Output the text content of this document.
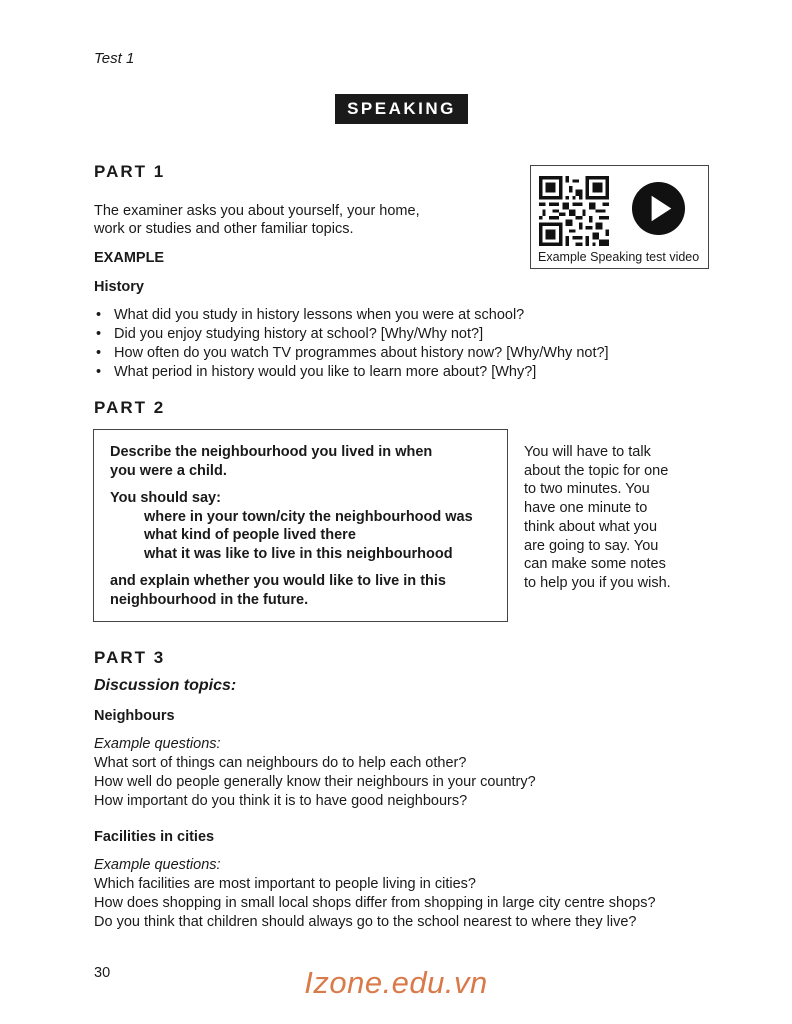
Test 1
SPEAKING
PART 1
The examiner asks you about yourself, your home,
work or studies and other familiar topics.
Example Speaking test video
EXAMPLE
History
• What did you study in history lessons when you were at school?
• Did you enjoy studying history at school? [Why/Why not?]
• How often do you watch TV programmes about history now? [Why/Why not?]
• What period in history would you like to learn more about? [Why?]
PART 2
Describe the neighbourhood you lived in when
you were a child.
You should say:
where in your town/city the neighbourhood was
what kind of people lived there
what it was like to live in this neighbourhood
and explain whether you would like to live in this
neighbourhood in the future.
You will have to talk
about the topic for one
to two minutes. You
have one minute to
think about what you
are going to say. You
can make some notes
to help you if you wish.
PART 3
Discussion topics:
Neighbours
Example questions:
What sort of things can neighbours do to help each other?
How well do people generally know their neighbours in your country?
How important do you think it is to have good neighbours?
Facilities in cities
Example questions:
Which facilities are most important to people living in cities?
How does shopping in small local shops differ from shopping in large city centre shops?
Do you think that children should always go to the school nearest to where they live?
30	Izone.edu.vn
